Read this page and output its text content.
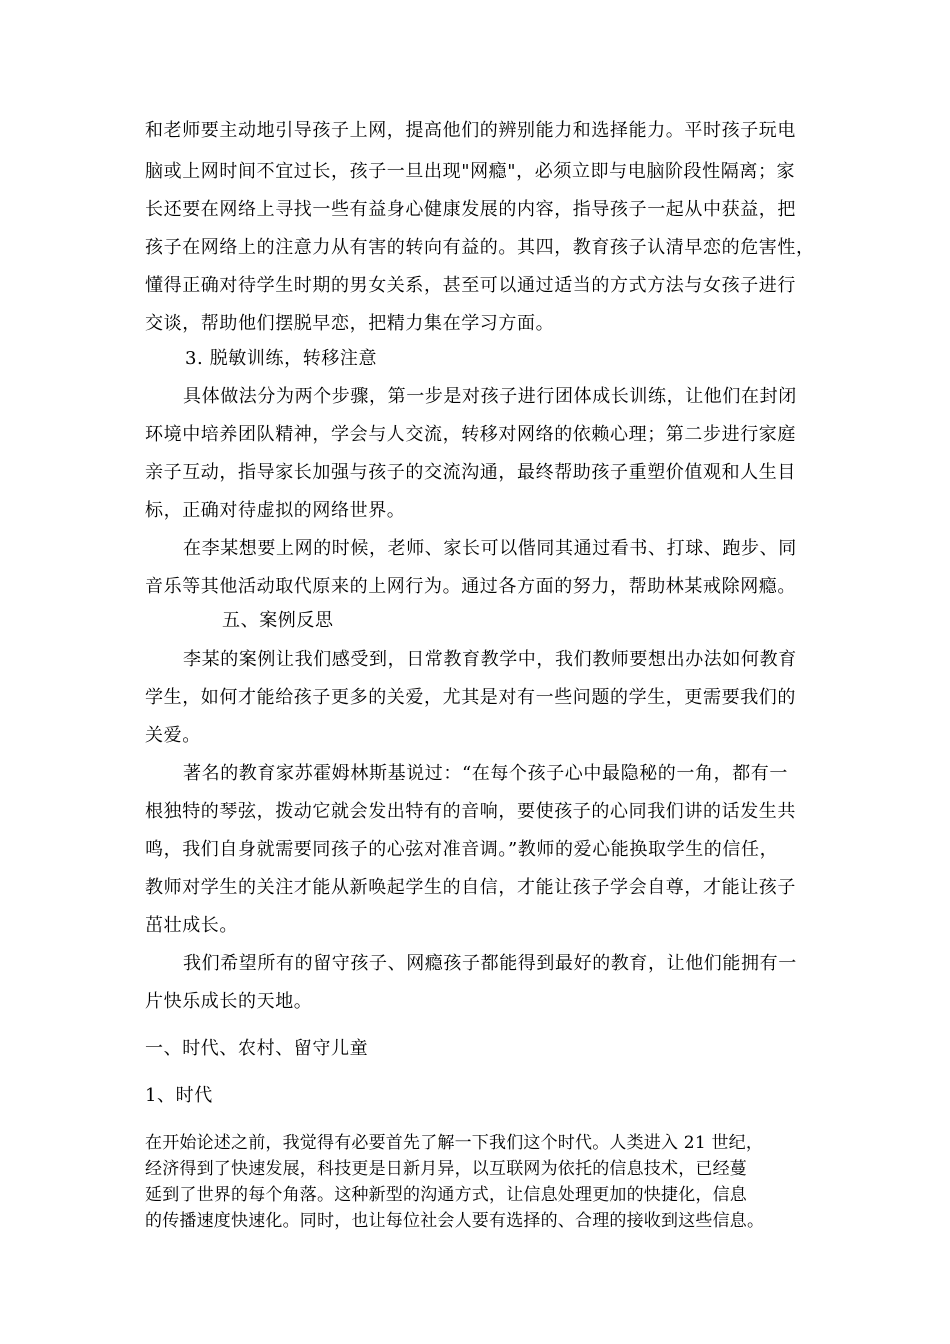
和老师要主动地引导孩子上网，提高他们的辨别能力和选择能力。平时孩子玩电
脑或上网时间不宜过长，孩子一旦出现"网瘾"，必须立即与电脑阶段性隔离；家
长还要在网络上寻找一些有益身心健康发展的内容，指导孩子一起从中获益，把
孩子在网络上的注意力从有害的转向有益的。其四，教育孩子认清早恋的危害性，
懂得正确对待学生时期的男女关系，甚至可以通过适当的方式方法与女孩子进行
交谈，帮助他们摆脱早恋，把精力集在学习方面。
3. 脱敏训练，转移注意
具体做法分为两个步骤，第一步是对孩子进行团体成长训练，让他们在封闭
环境中培养团队精神，学会与人交流，转移对网络的依赖心理；第二步进行家庭
亲子互动，指导家长加强与孩子的交流沟通，最终帮助孩子重塑价值观和人生目
标，正确对待虚拟的网络世界。
在李某想要上网的时候，老师、家长可以偕同其通过看书、打球、跑步、同
音乐等其他活动取代原来的上网行为。通过各方面的努力，帮助林某戒除网瘾。
五、案例反思
李某的案例让我们感受到，日常教育教学中，我们教师要想出办法如何教育
学生，如何才能给孩子更多的关爱，尤其是对有一些问题的学生，更需要我们的
关爱。
著名的教育家苏霍姆林斯基说过：“在每个孩子心中最隐秘的一角，都有一
根独特的琴弦，拨动它就会发出特有的音响，要使孩子的心同我们讲的话发生共
鸣，我们自身就需要同孩子的心弦对准音调。”教师的爱心能换取学生的信任，
教师对学生的关注才能从新唤起学生的自信，才能让孩子学会自尊，才能让孩子
茁壮成长。
我们希望所有的留守孩子、网瘾孩子都能得到最好的教育，让他们能拥有一
片快乐成长的天地。
一、时代、农村、留守儿童
1、时代
在开始论述之前，我觉得有必要首先了解一下我们这个时代。人类进入 21 世纪，
经济得到了快速发展，科技更是日新月异，以互联网为依托的信息技术，已经蔓
延到了世界的每个角落。这种新型的沟通方式，让信息处理更加的快捷化，信息
的传播速度快速化。同时，也让每位社会人要有选择的、合理的接收到这些信息。
